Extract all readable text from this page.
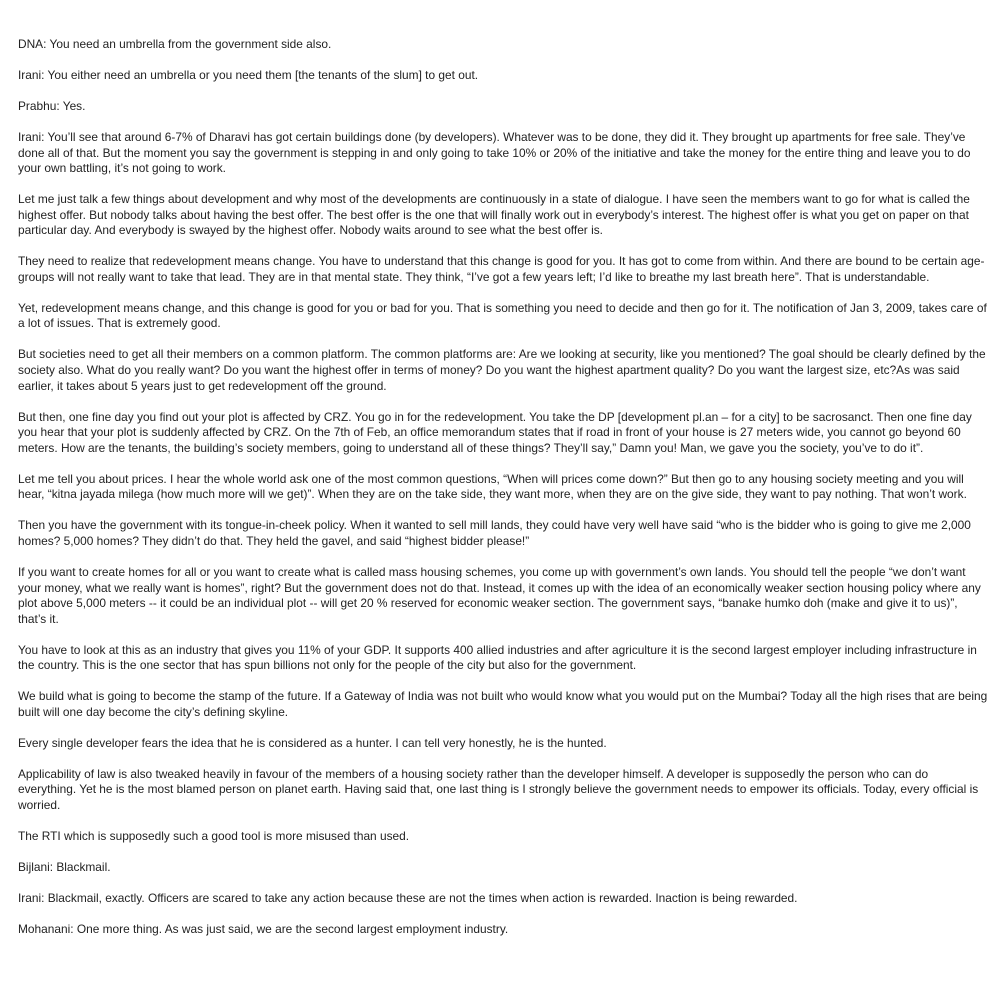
DNA: You need an umbrella from the government side also.

Irani: You either need an umbrella or you need them [the tenants of the slum] to get out.

Prabhu: Yes.

Irani: You’ll see that around 6-7% of Dharavi has got certain buildings done (by developers). Whatever was to be done, they did it. They brought up apartments for free sale. They’ve done all of that. But the moment you say the government is stepping in and only going to take 10% or 20% of the initiative and take the money for the entire thing and leave you to do your own battling, it’s not going to work.

Let me just talk a few things about development and why most of the developments are continuously in a state of dialogue. I have seen the members want to go for what is called the highest offer. But nobody talks about having the best offer. The best offer is the one that will finally work out in everybody’s interest. The highest offer is what you get on paper on that particular day. And everybody is swayed by the highest offer. Nobody waits around to see what the best offer is.

They need to realize that redevelopment means change. You have to understand that this change is good for you. It has got to come from within. And there are bound to be certain age-groups will not really want to take that lead. They are in that mental state. They think, “I’ve got a few years left; I’d like to breathe my last breath here”. That is understandable.

Yet, redevelopment means change, and this change is good for you or bad for you. That is something you need to decide and then go for it. The notification of Jan 3, 2009, takes care of a lot of issues. That is extremely good.

But societies need to get all their members on a common platform. The common platforms are: Are we looking at security, like you mentioned? The goal should be clearly defined by the society also. What do you really want? Do you want the highest offer in terms of money? Do you want the highest apartment quality? Do you want the largest size, etc?As was said earlier, it takes about 5 years just to get redevelopment off the ground.

But then, one fine day you find out your plot is affected by CRZ. You go in for the redevelopment. You take the DP [development pl.an – for a city] to be sacrosanct. Then one fine day you hear that your plot is suddenly affected by CRZ. On the 7th of Feb, an office memorandum states that if road in front of your house is 27 meters wide, you cannot go beyond 60 meters. How are the tenants, the building’s society members, going to understand all of these things? They’ll say,” Damn you! Man, we gave you the society, you’ve to do it”.

Let me tell you about prices. I hear the whole world ask one of the most common questions, “When will prices come down?” But then go to any housing society meeting and you will hear, “kitna jayada milega (how much more will we get)”. When they are on the take side, they want more, when they are on the give side, they want to pay nothing. That won’t work.

Then you have the government with its tongue-in-cheek policy. When it wanted to sell mill lands, they could have very well have said “who is the bidder who is going to give me 2,000 homes? 5,000 homes? They didn’t do that. They held the gavel, and said “highest bidder please!”

If you want to create homes for all or you want to create what is called mass housing schemes, you come up with government’s own lands. You should tell the people “we don’t want your money, what we really want is homes”, right? But the government does not do that. Instead, it comes up with the idea of an economically weaker section housing policy where any plot above 5,000 meters -- it could be an individual plot -- will get 20 % reserved for economic weaker section. The government says, “banake humko doh (make and give it to us)”, that’s it.

You have to look at this as an industry that gives you 11% of your GDP. It supports 400 allied industries and after agriculture it is the second largest employer including infrastructure in the country. This is the one sector that has spun billions not only for the people of the city but also for the government.

We build what is going to become the stamp of the future. If a Gateway of India was not built who would know what you would put on the Mumbai? Today all the high rises that are being built will one day become the city’s defining skyline.

Every single developer fears the idea that he is considered as a hunter. I can tell very honestly, he is the hunted.

Applicability of law is also tweaked heavily in favour of the members of a housing society rather than the developer himself. A developer is supposedly the person who can do everything. Yet he is the most blamed person on planet earth. Having said that, one last thing is I strongly believe the government needs to empower its officials. Today, every official is worried.

The RTI which is supposedly such a good tool is more misused than used.

Bijlani: Blackmail.

Irani: Blackmail, exactly. Officers are scared to take any action because these are not the times when action is rewarded. Inaction is being rewarded.

Mohanani: One more thing. As was just said, we are the second largest employment industry.
